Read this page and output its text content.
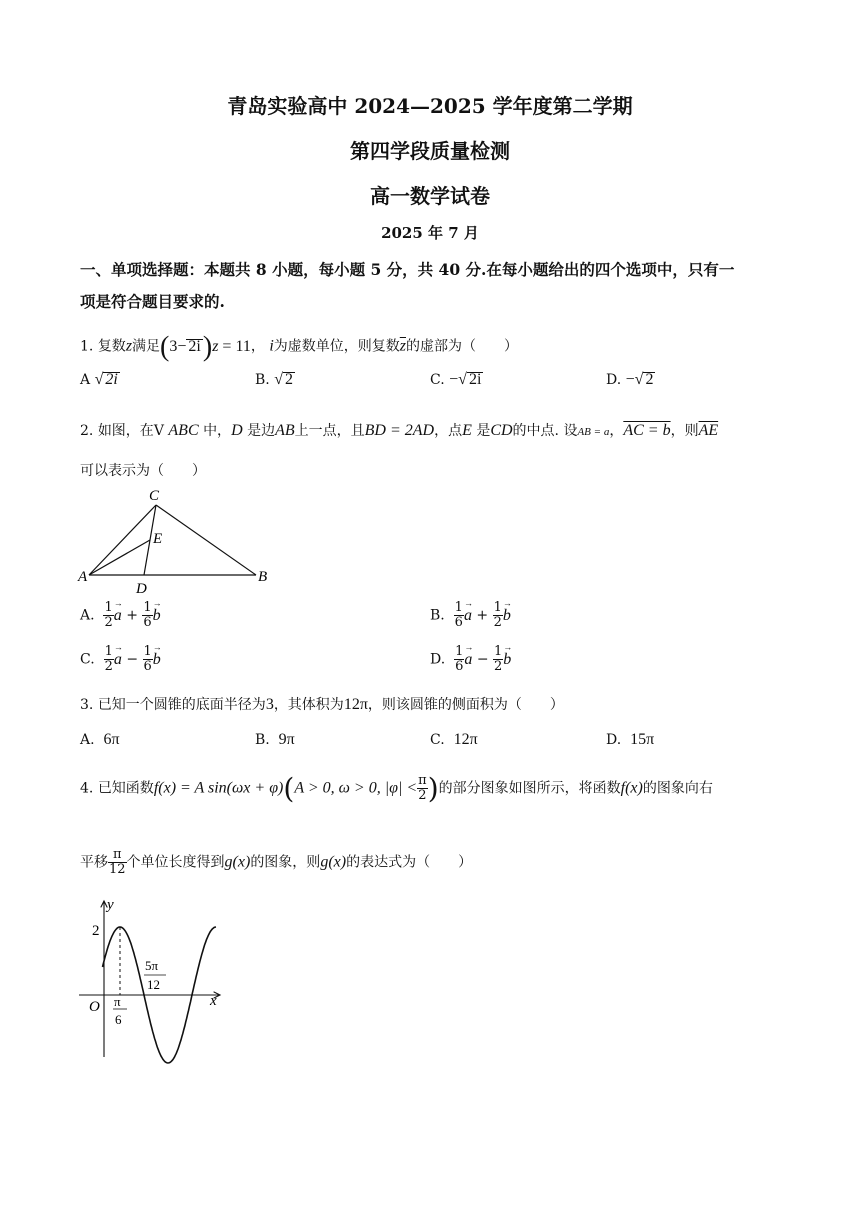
青岛实验高中 2024—2025 学年度第二学期
第四学段质量检测
高一数学试卷
2025 年 7 月
一、单项选择题：本题共 8 小题，每小题 5 分，共 40 分.在每小题给出的四个选项中，只有一
项是符合题目要求的.
1. 复数z满足(3− 2i)z = 11， i为虚数单位，则复数$\overline{z}$的虚部为（　　）
A √ 2i	B. √ 2	C. −√ 2i	D. −√ 2
2. 如图，在V ABC 中，D 是边AB上一点，且BD = 2AD，点E 是CD的中点. 设AB = a，AC = b，则$\overline{AE}$
可以表示为（　　）
C
E
A
D
B
A. $\frac{1}{2} \to a + \frac{1}{6} \to b$	B. $\frac{1}{6} \to a + \frac{1}{2} \to b$
C. $\frac{1}{2} \to a - \frac{1}{6} \to b$	D. $\frac{1}{6} \to a - \frac{1}{2} \to b$
3. 已知一个圆锥的底面半径为3，其体积为12π，则该圆锥的侧面积为（　　）
A. 6π	B. 9π	C. 12π	D. 15π
4. 已知函数f(x) = A sin(ωx + φ)(A > 0, ω > 0, $|\varphi| < \frac{\pi}{2}$ )的部分图象如图所示，将函数f(x)的图象向右
平移 $\frac{\pi}{12}$ 个单位长度得到g(x)的图象，则g(x)的表达式为（　　）
y
x
O
2
π
6
5π
12
